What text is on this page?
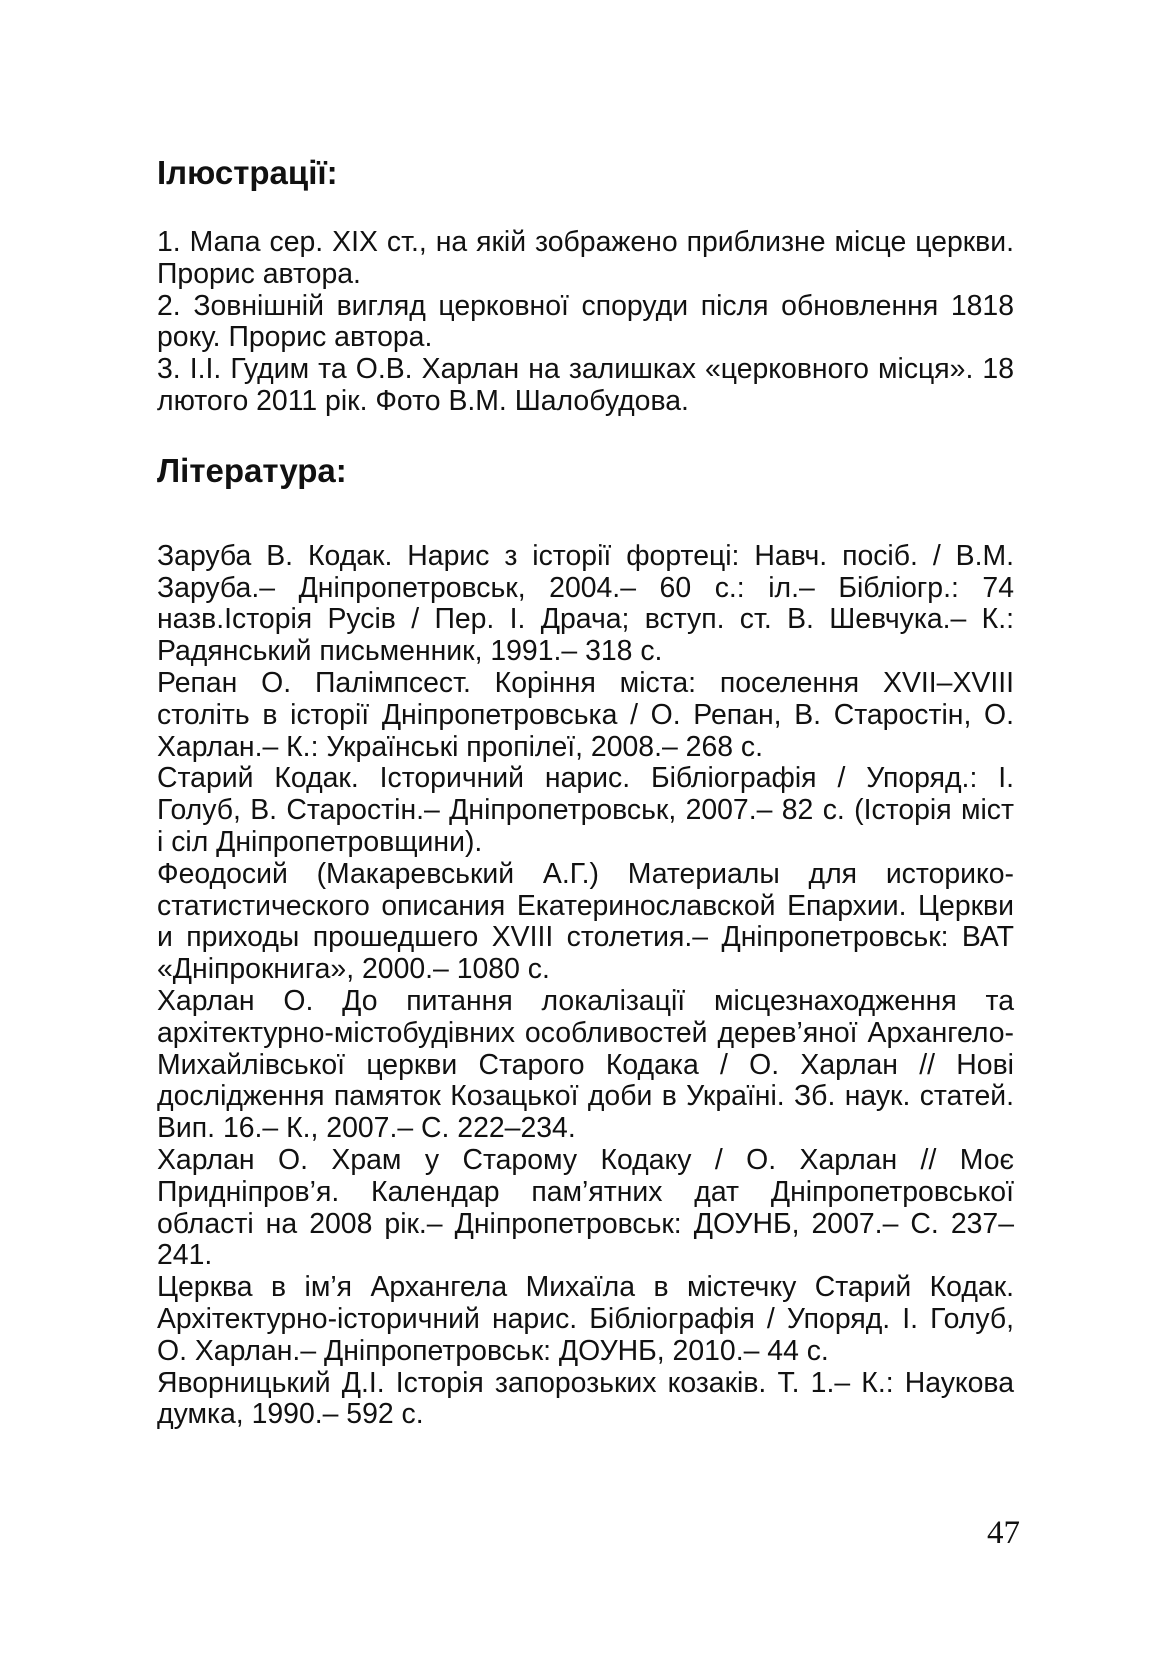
Ілюстрації:
1. Мапа сер. ХІХ ст., на якій зображено приблизне місце церкви. Прорис автора.
2. Зовнішній вигляд церковної споруди після обновлення 1818 року. Прорис автора.
3. І.І. Гудим та О.В. Харлан на залишках «церковного місця». 18 лютого 2011 рік. Фото В.М. Шалобудова.
Література:
Заруба В. Кодак. Нарис з історії фортеці: Навч. посіб. / В.М. Заруба.– Дніпропетровськ, 2004.– 60 с.: іл.– Бібліогр.: 74 назв.Історія Русів / Пер. І. Драча; вступ. ст. В. Шевчука.– К.: Радянський письменник, 1991.– 318 с.
Репан О. Палімпсест. Коріння міста: поселення XVII–XVIII століть в історії Дніпропетровська / О. Репан, В. Старостін, О. Харлан.– К.: Українські пропілеї, 2008.– 268 с.
Старий Кодак. Історичний нарис. Бібліографія / Упоряд.: І. Голуб, В. Старостін.– Дніпропетровськ, 2007.– 82 с. (Історія міст і сіл Дніпропетровщини).
Феодосий (Макаревський А.Г.) Материалы для историко-статистического описания Екатеринославской Епархии. Церкви и приходы прошедшего XVIII столетия.– Дніпропетровськ: ВАТ «Дніпрокнига», 2000.– 1080 с.
Харлан О. До питання локалізації місцезнаходження та архітектурно-містобудівних особливостей дерев’яної Архангело-Михайлівської церкви Старого Кодака / О. Харлан // Нові дослідження памяток Козацької доби в Україні. Зб. наук. статей. Вип. 16.– К., 2007.– С. 222–234.
Харлан О. Храм у Старому Кодаку / О. Харлан // Моє Придніпров’я. Календар пам’ятних дат Дніпропетровської області на 2008 рік.– Дніпропетровськ: ДОУНБ, 2007.– С. 237–241.
Церква в ім’я Архангела Михаїла в містечку Старий Кодак. Архітектурно-історичний нарис. Бібліографія / Упоряд. І. Голуб, О. Харлан.– Дніпропетровськ: ДОУНБ, 2010.– 44 с.
Яворницький Д.І. Історія запорозьких козаків. Т. 1.– К.: Наукова думка, 1990.– 592 с.
47
